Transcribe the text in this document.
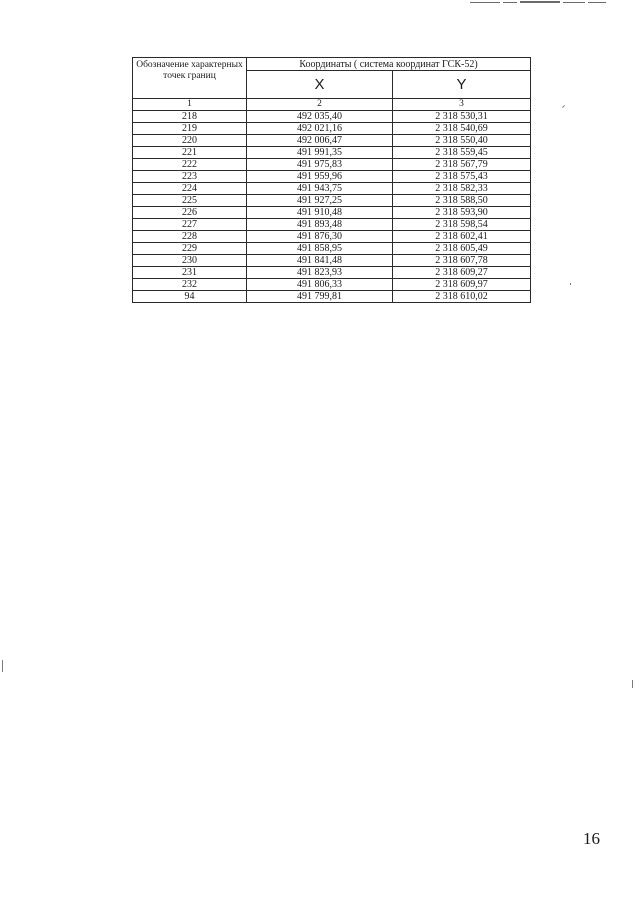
Обозначение характерных точек границ	Координаты ( система координат ГСК-52)	
	X	Y
1	2	3
218	492 035,40	2 318 530,31
219	492 021,16	2 318 540,69
220	492 006,47	2 318 550,40
221	491 991,35	2 318 559,45
222	491 975,83	2 318 567,79
223	491 959,96	2 318 575,43
224	491 943,75	2 318 582,33
225	491 927,25	2 318 588,50
226	491 910,48	2 318 593,90
227	491 893,48	2 318 598,54
228	491 876,30	2 318 602,41
229	491 858,95	2 318 605,49
230	491 841,48	2 318 607,78
231	491 823,93	2 318 609,27
232	491 806,33	2 318 609,97
94	491 799,81	2 318 610,02
16
